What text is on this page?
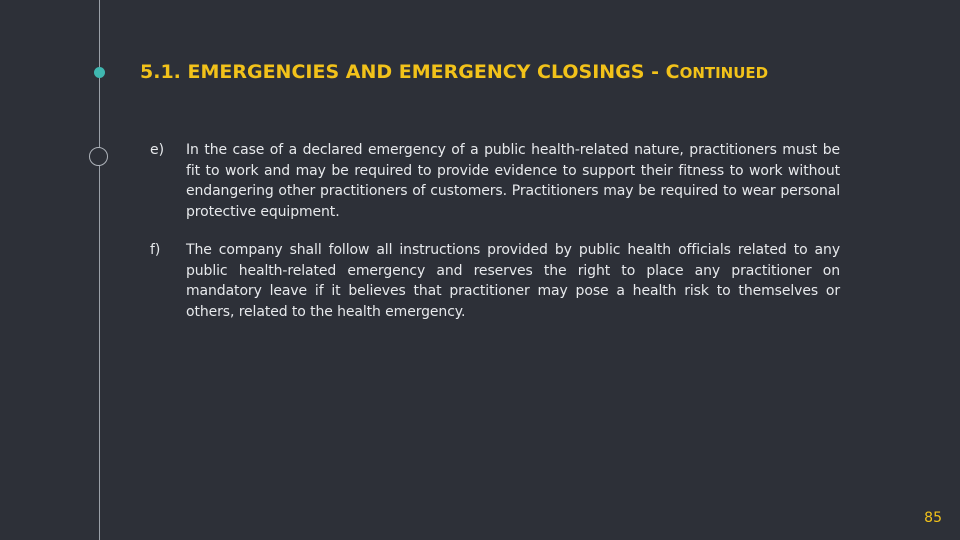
5.1. EMERGENCIES AND EMERGENCY CLOSINGS - CONTINUED
e)	In the case of a declared emergency of a public health-related nature, practitioners must be fit to work and may be required to provide evidence to support their fitness to work without endangering other practitioners of customers. Practitioners may be required to wear personal protective equipment.
f)	The company shall follow all instructions provided by public health officials related to any public health-related emergency and reserves the right to place any practitioner on mandatory leave if it believes that practitioner may pose a health risk to themselves or others, related to the health emergency.
85
